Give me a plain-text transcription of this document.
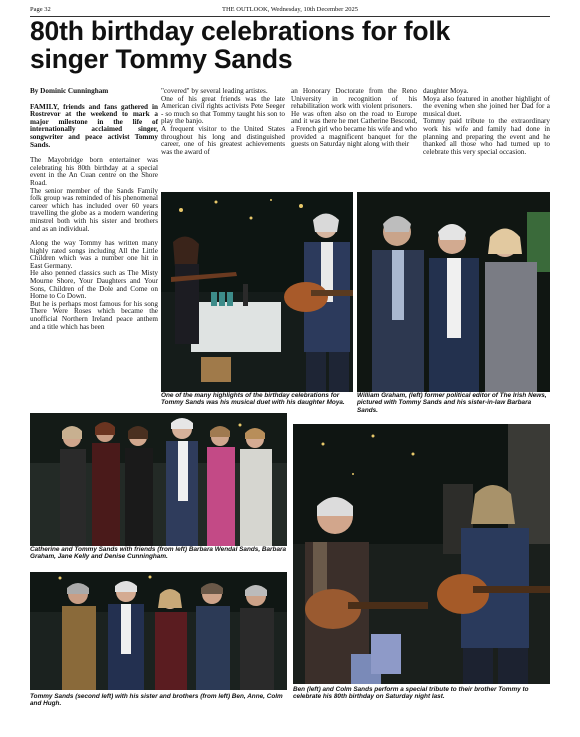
Page 32	THE OUTLOOK, Wednesday, 10th December 2025
80th birthday celebrations for folk
singer Tommy Sands
By Dominic Cunningham
FAMILY, friends and fans gathered in Rostrevor at the weekend to mark a major milestone in the life of internationally acclaimed singer, songwriter and peace activist Tommy Sands.

The Mayobridge born entertainer was celebrating his 80th birthday at a special event in the An Cuan centre on the Shore Road.

The senior member of the Sands Family folk group was reminded of his phenomenal career which has included over 60 years travelling the globe as a modern wandering minstrel both with his sister and brothers and as an individual.

Along the way Tommy has written many highly rated songs including All the Little Children which was a number one hit in East Germany.

He also penned classics such as The Misty Mourne Shore, Your Daughters and Your Sons, Children of the Dole and Come on Home to Co Down.

But he is perhaps most famous for his song There Were Roses which became the unofficial Northern Ireland peace anthem and a title which has been

"covered" by several leading artistes.

One of his great friends was the late American civil rights activists Pete Seeger - so much so that Tommy taught his son to play the banjo.

A frequent visitor to the United States throughout his long and distinguished career, one of his greatest achievements was the award of

an Honorary Doctorate from the Reno University in recognition of his rehabilitation work with violent prisoners.

He was often also on the road to Europe and it was there he met Catherine Bescond, a French girl who became his wife and who provided a magnificent banquet for the guests on Saturday night along with their

daughter Moya.

Moya also featured in another highlight of the evening when she joined her Dad for a musical duet.

Tommy paid tribute to the extraordinary work his wife and family had done in planning and preparing the event and he thanked all those who had turned up to celebrate this very special occasion.

One of the many highlights of the birthday celebrations for Tommy Sands was his musical duet with his daughter Moya.
William Graham, (left) former political editor of The Irish News, pictured with Tommy Sands and his sister-in-law Barbara Sands.
Catherine and Tommy Sands with friends (from left) Barbara Wendal Sands, Barbara Graham, Jane Kelly and Denise Cunningham.
Tommy Sands (second left) with his sister and brothers (from left) Ben, Anne, Colm and Hugh.
Ben (left) and Colm Sands perform a special tribute to their brother Tommy to celebrate his 80th birthday on Saturday night last.
